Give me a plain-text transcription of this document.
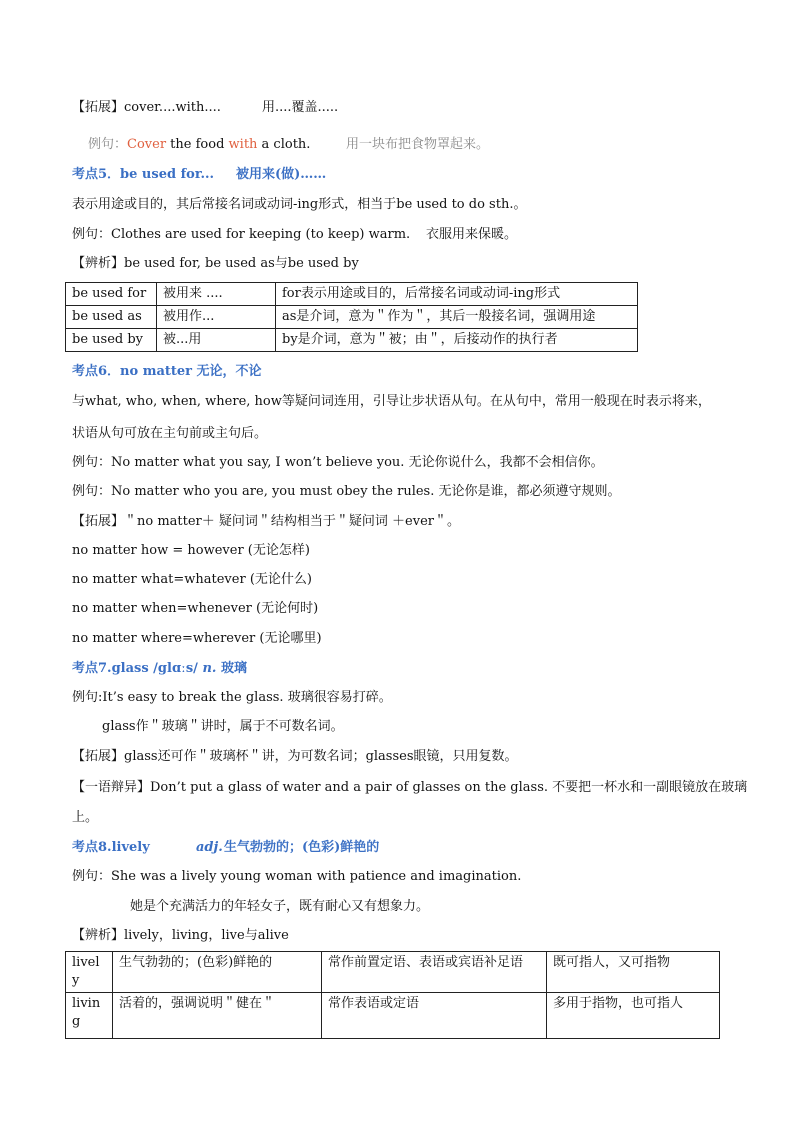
【拓展】cover....with....	用....覆盖.....
例句：Cover the food with a cloth.	用一块布把食物罩起来。
考点5．be used for... 被用来(做)……
表示用途或目的，其后常接名词或动词-ing形式，相当于be used to do sth.。
例句：Clothes are used for keeping (to keep) warm. 衣服用来保暖。
【辨析】be used for, be used as与be used by
be used for	被用来 ....	for表示用途或目的，后常接名词或动词-ing形式
be used as	被用作...	as是介词，意为＂作为＂，其后一般接名词，强调用途
be used by	被...用	by是介词，意为＂被；由＂，后接动作的执行者
考点6．no matter 无论，不论
与what, who, when, where, how等疑问词连用，引导让步状语从句。在从句中，常用一般现在时表示将来，
状语从句可放在主句前或主句后。
例句：No matter what you say, I won’t believe you. 无论你说什么，我都不会相信你。
例句：No matter who you are, you must obey the rules. 无论你是谁，都必须遵守规则。
【拓展】＂no matter＋ 疑问词＂结构相当于＂疑问词 ＋ever＂。
no matter how = however (无论怎样)
no matter what=whatever (无论什么)
no matter when=whenever (无论何时)
no matter where=wherever (无论哪里)
考点7.glass /glɑːs/ n. 玻璃
例句:It’s easy to break the glass. 玻璃很容易打碎。
glass作＂玻璃＂讲时，属于不可数名词。
【拓展】glass还可作＂玻璃杯＂讲，为可数名词；glasses眼镜，只用复数。
【一语辩异】Don’t put a glass of water and a pair of glasses on the glass. 不要把一杯水和一副眼镜放在玻璃
上。
考点8.lively	adj. 生气勃勃的；(色彩)鲜艳的
例句：She was a lively young woman with patience and imagination.
她是个充满活力的年轻女子，既有耐心又有想象力。
【辨析】lively，living，live与alive
lively	生气勃勃的；(色彩)鲜艳的	常作前置定语、表语或宾语补足语	既可指人，又可指物
living	活着的，强调说明＂健在＂	常作表语或定语	多用于指物，也可指人
